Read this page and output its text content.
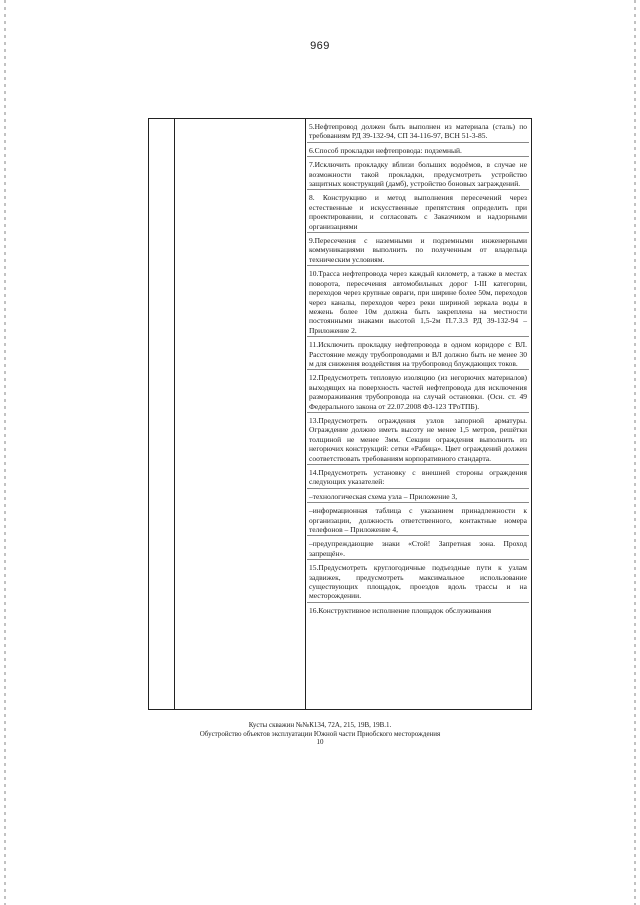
969

5.Нефтепровод должен быть выполнен из материала (сталь) по требованиям РД 39-132-94, СП 34-116-97, ВСН 51-3-85.

6.Способ прокладки нефтепровода: подземный.

7.Исключить прокладку вблизи больших водоёмов, в случае не возможности такой прокладки, предусмотреть устройство защитных конструкций (дамб), устройство боновых заграждений.

8. Конструкцию и метод выполнения пересечений через естественные и искусственные препятствия определить при проектировании, и согласовать с Заказчиком и надзорными организациями

9.Пересечения с наземными и подземными инженерными коммуникациями выполнить по полученным от владельца техническим условиям.

10.Трасса нефтепровода через каждый километр, а также в местах поворота, пересечения автомобильных дорог I-III категории, переходов через крупные овраги, при ширине более 50м, переходов через каналы, переходов через реки шириной зеркала воды в межень более 10м должна быть закреплена на местности постоянными знаками высотой 1,5-2м П.7.3.3 РД 39-132-94 – Приложение 2.

11.Исключить прокладку нефтепровода в одном коридоре с ВЛ. Расстояние между трубопроводами и ВЛ должно быть не менее 30 м для снижения воздействия на трубопровод блуждающих токов.

12.Предусмотреть тепловую изоляцию (из негорючих материалов) выходящих на поверхность частей нефтепровода для исключения размораживания трубопровода на случай остановки. (Осн. ст. 49 Федерального закона от 22.07.2008 ФЗ-123 ТРоТПБ).

13.Предусмотреть ограждения узлов запорной арматуры. Ограждение должно иметь высоту не менее 1,5 метров, решётки толщиной не менее 3мм. Секции ограждения выполнить из негорючих конструкций: сетки «Рабица». Цвет ограждений должен соответствовать требованиям корпоративного стандарта.

14.Предусмотреть установку с внешней стороны ограждения следующих указателей:

–технологическая схема узла – Приложение 3,

–информационная таблица с указанием принадлежности к организации, должность ответственного, контактные номера телефонов – Приложение 4,

–предупреждающие знаки «Стой! Запретная зона. Проход запрещён».

15.Предусмотреть круглогодичные подъездные пути к узлам задвижек, предусмотреть максимальное использование существующих площадок, проездов вдоль трассы и на месторождении.

16.Конструктивное исполнение площадок обслуживания

Кусты скважин №№К134, 72А, 215, 19В, 19В.1.
Обустройство объектов эксплуатации Южной части Приобского месторождения
10
